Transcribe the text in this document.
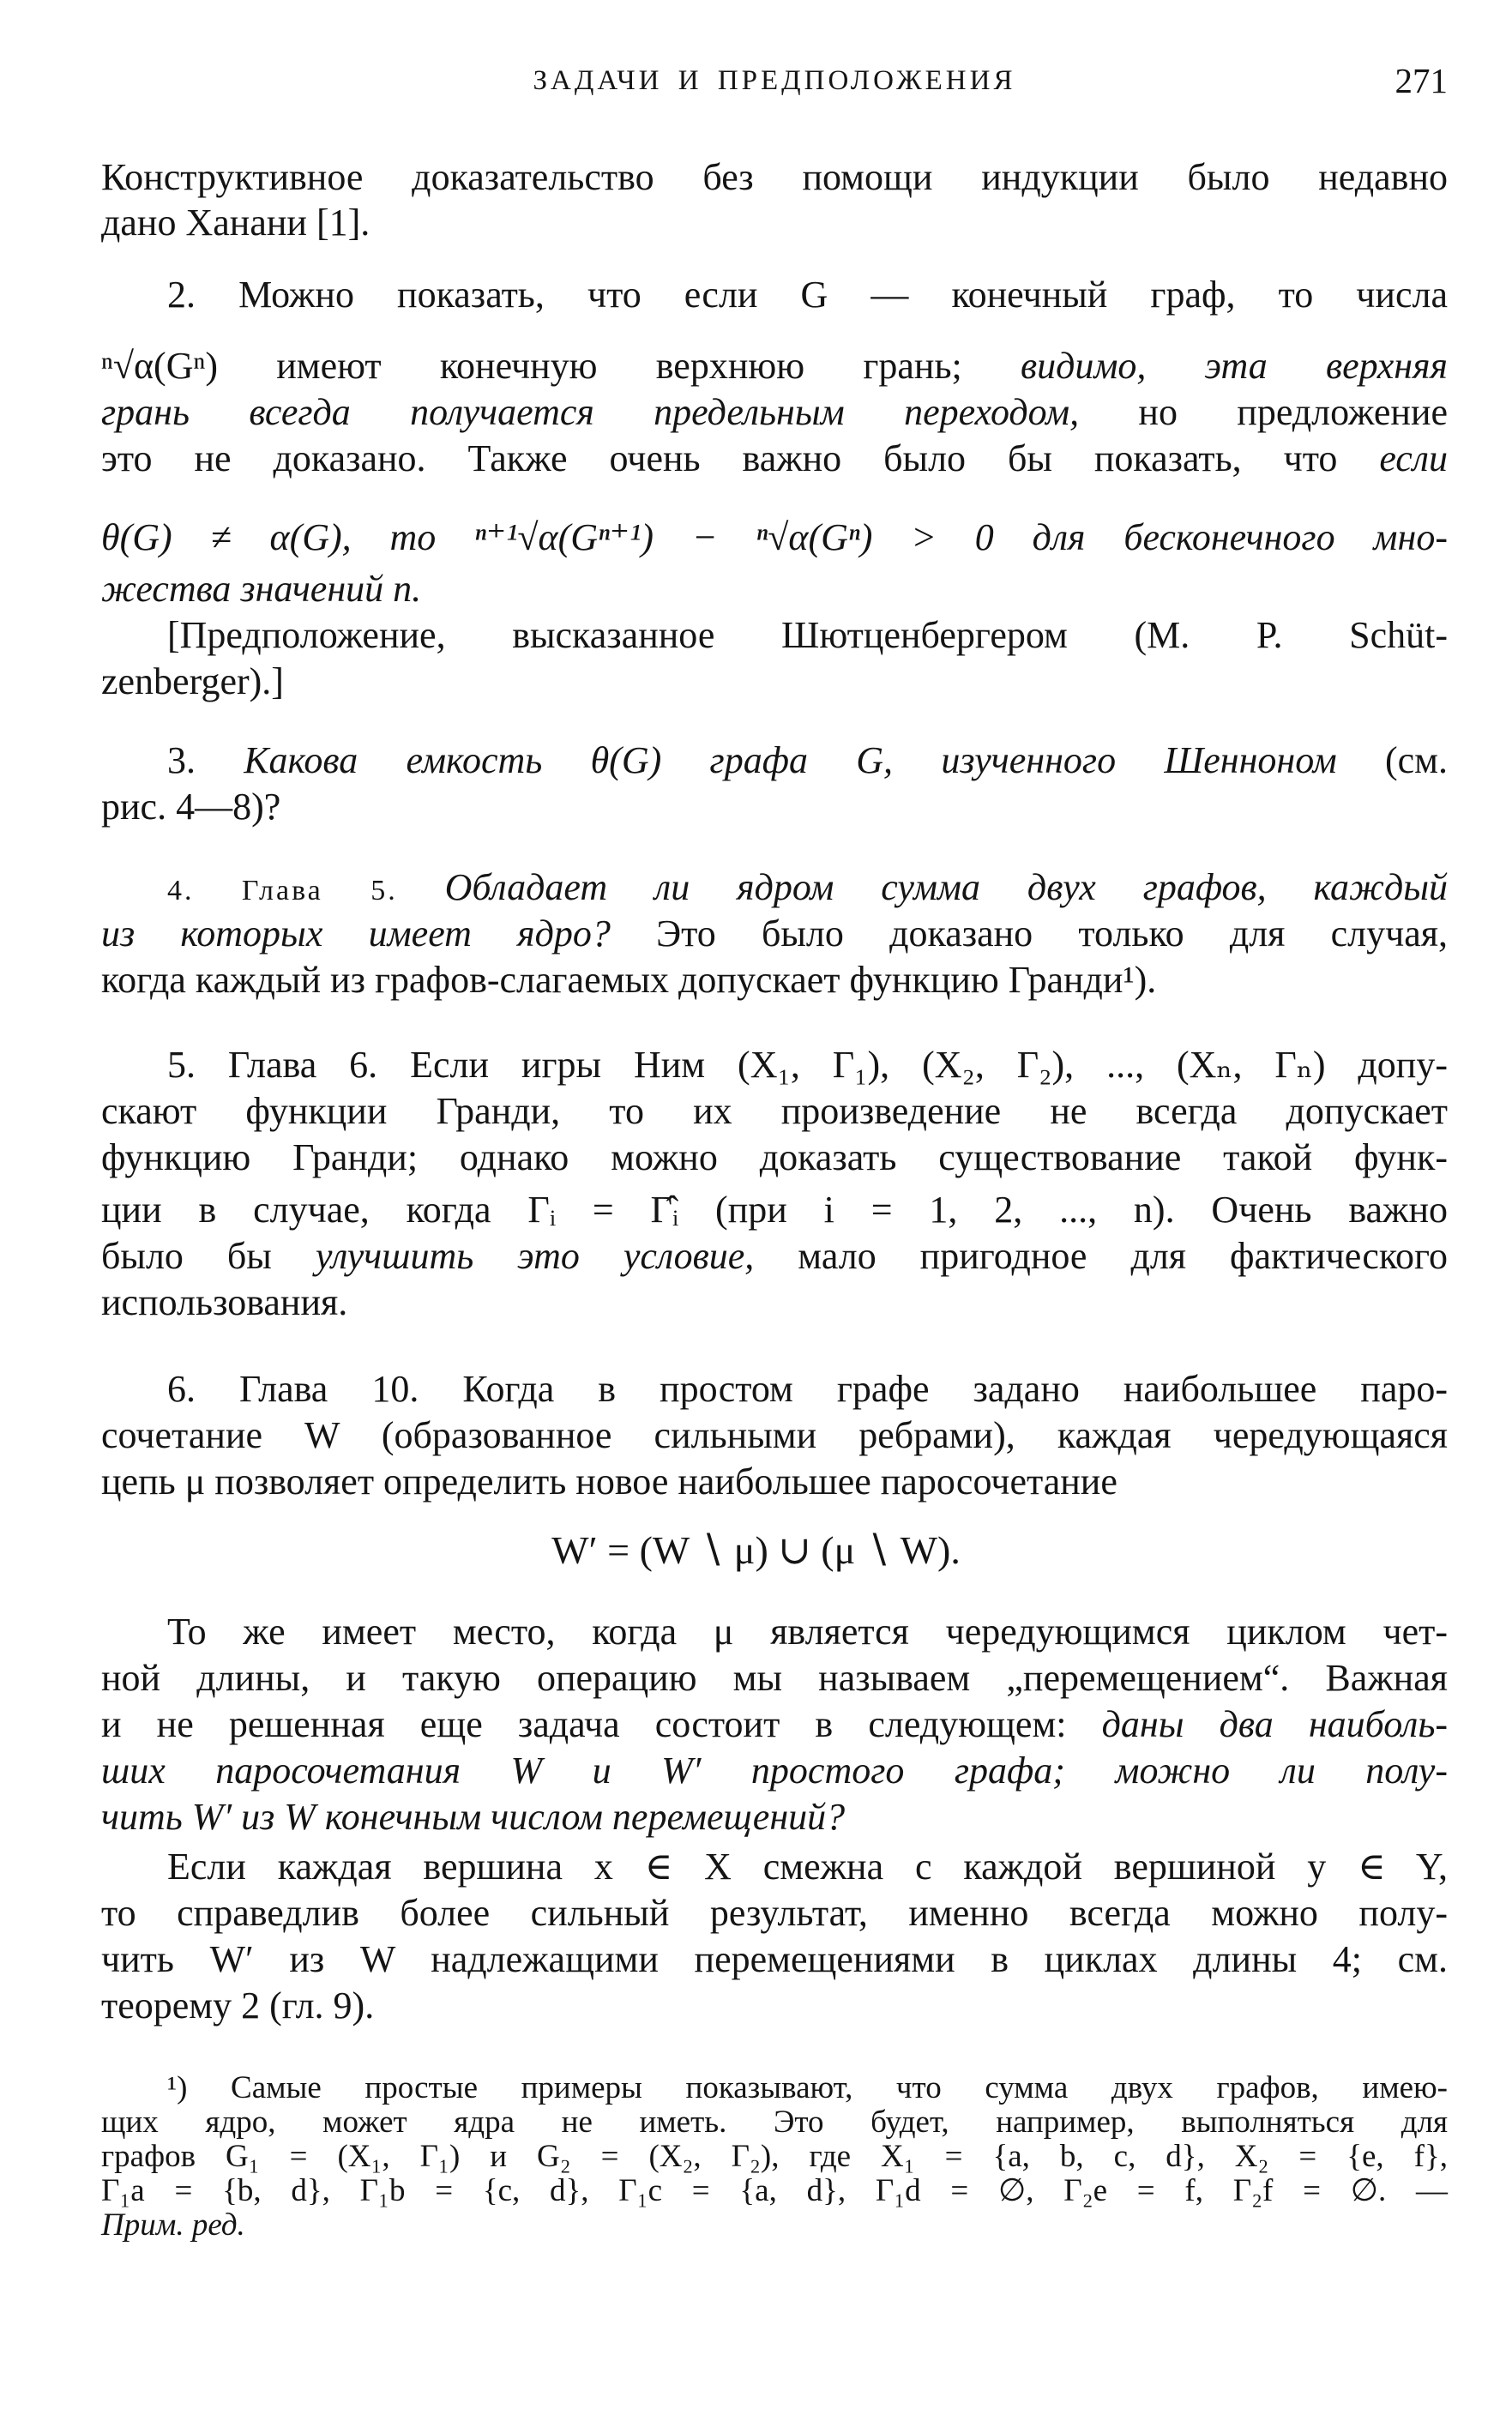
ЗАДАЧИ И ПРЕДПОЛОЖЕНИЯ	271
Конструктивное доказательство без помощи индукции было недавно
дано Ханани [1].
2. Можно показать, что если G — конечный граф, то числа
ⁿ√α(Gⁿ) имеют конечную верхнюю грань; видимо, эта верхняя
грань всегда получается предельным переходом, но предложение
это не доказано. Также очень важно было бы показать, что если
θ(G) ≠ α(G), то ⁿ⁺¹√α(Gⁿ⁺¹) − ⁿ√α(Gⁿ) > 0 для бесконечного мно-
жества значений n.
[Предположение, высказанное Шютценбергером (M. P. Schüt-
zenberger).]
3. Какова емкость θ(G) графа G, изученного Шенноном (см.
рис. 4—8)?
4. Глава 5. Обладает ли ядром сумма двух графов, каждый
из которых имеет ядро? Это было доказано только для случая,
когда каждый из графов-слагаемых допускает функцию Гранди¹).
5. Глава 6. Если игры Ним (X₁, Γ₁), (X₂, Γ₂), ..., (Xₙ, Γₙ) допу-
скают функции Гранди, то их произведение не всегда допускает
функцию Гранди; однако можно доказать существование такой функ-
ции в случае, когда Γᵢ = Γ̂ᵢ (при i = 1, 2, ..., n). Очень важно
было бы улучшить это условие, мало пригодное для фактического
использования.
6. Глава 10. Когда в простом графе задано наибольшее паро-
сочетание W (образованное сильными ребрами), каждая чередующаяся
цепь μ позволяет определить новое наибольшее паросочетание
W′ = (W ∖ μ) ∪ (μ ∖ W).
То же имеет место, когда μ является чередующимся циклом чет-
ной длины, и такую операцию мы называем „перемещением“. Важная
и не решенная еще задача состоит в следующем: даны два наиболь-
ших паросочетания W и W′ простого графа; можно ли полу-
чить W′ из W конечным числом перемещений?
Если каждая вершина x ∈ X смежна с каждой вершиной y ∈ Y,
то справедлив более сильный результат, именно всегда можно полу-
чить W′ из W надлежащими перемещениями в циклах длины 4; см.
теорему 2 (гл. 9).
¹) Самые простые примеры показывают, что сумма двух графов, имею-
щих ядро, может ядра не иметь. Это будет, например, выполняться для
графов G₁ = (X₁, Γ₁) и G₂ = (X₂, Γ₂), где X₁ = {a, b, c, d}, X₂ = {e, f},
Γ₁a = {b, d}, Γ₁b = {c, d}, Γ₁c = {a, d}, Γ₁d = ∅, Γ₂e = f, Γ₂f = ∅. —
Прим. ред.
